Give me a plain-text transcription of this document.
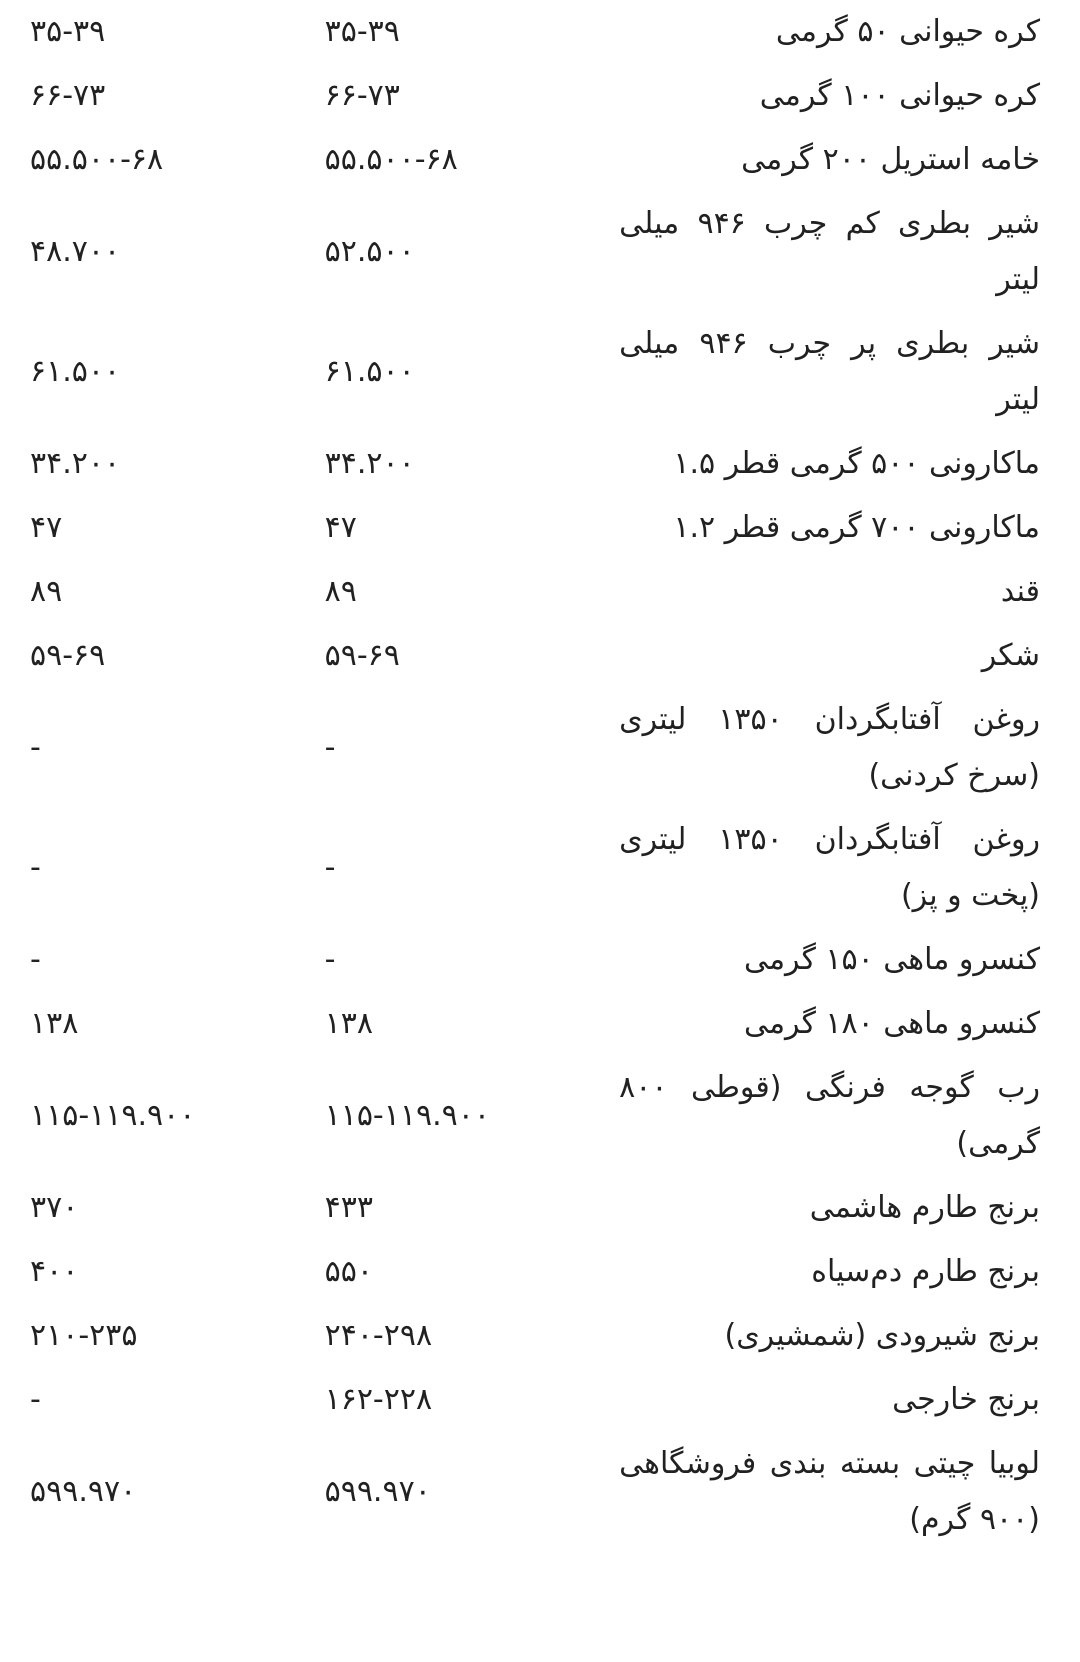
کره حیوانی ۵۰ گرمی	۳۵-۳۹	۳۵-۳۹
کره حیوانی ۱۰۰ گرمی	۶۶-۷۳	۶۶-۷۳
خامه استریل ۲۰۰ گرمی	۵۵.۵۰۰-۶۸	۵۵.۵۰۰-۶۸
شیر بطری کم چرب ۹۴۶ میلی لیتر	۵۲.۵۰۰	۴۸.۷۰۰
شیر بطری پر چرب ۹۴۶ میلی لیتر	۶۱.۵۰۰	۶۱.۵۰۰
ماکارونی ۵۰۰ گرمی قطر ۱.۵	۳۴.۲۰۰	۳۴.۲۰۰
ماکارونی ۷۰۰ گرمی قطر ۱.۲	۴۷	۴۷
قند	۸۹	۸۹
شکر	۵۹-۶۹	۵۹-۶۹
روغن آفتابگردان ۱۳۵۰ لیتری (سرخ کردنی)	-	-
روغن آفتابگردان ۱۳۵۰ لیتری (پخت و پز)	-	-
کنسرو ماهی ۱۵۰ گرمی	-	-
کنسرو ماهی ۱۸۰ گرمی	۱۳۸	۱۳۸
رب گوجه فرنگی (قوطی ۸۰۰ گرمی)	۱۱۵-۱۱۹.۹۰۰	۱۱۵-۱۱۹.۹۰۰
برنج طارم هاشمی	۴۳۳	۳۷۰
برنج طارم دم‌سیاه	۵۵۰	۴۰۰
برنج شیرودی (شمشیری)	۲۴۰-۲۹۸	۲۱۰-۲۳۵
برنج خارجی	۱۶۲-۲۲۸	-
لوبیا چیتی بسته بندی فروشگاهی (۹۰۰ گرم)	۵۹۹.۹۷۰	۵۹۹.۹۷۰
